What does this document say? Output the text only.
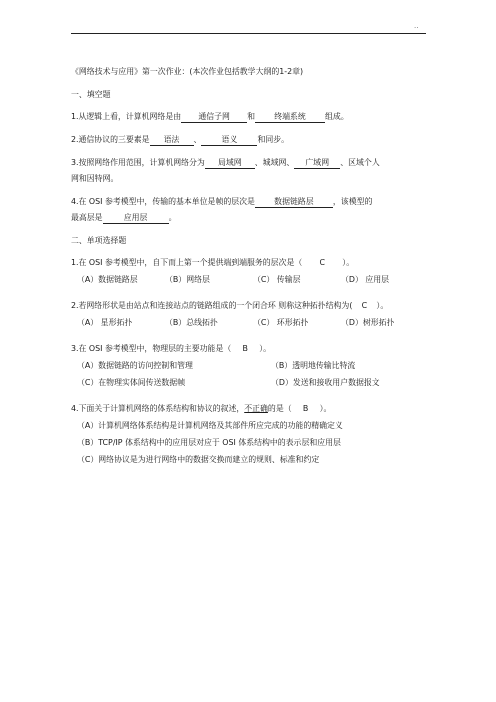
..
《网络技术与应用》第一次作业：(本次作业包括教学大纲的1-2章)
一、填空题
1.从逻辑上看，计算机网络是由 通信子网 和 终端系统 组成。
2.通信协议的三要素是 语法 、	语义	和同步。
3.按照网络作用范围，计算机网络分为 局域网 、城域网、 广域网 、区域个人
网和因特网。
4.在 OSI 参考模型中，传输的基本单位是帧的层次是 数据链路层 ，该模型的
最高层是	应用层	。
二、单项选择题
1.在 OSI 参考模型中，自下而上第一个提供端到端服务的层次是（ C ）。
（A）数据链路层	（B）网络层	（C） 传输层	（D） 应用层
2.若网络形状是由站点和连接站点的链路组成的一个闭合环 则称这种拓扑结构为( C ）。
（A） 星形拓扑	（B）总线拓扑	（C） 环形拓扑	（D）树形拓扑
3.在 OSI 参考模型中，物理层的主要功能是（ B ）。
（A）数据链路的访问控制和管理	（B）透明地传输比特流
（C）在物理实体间传送数据帧	（D）发送和接收用户数据报文
4.下面关于计算机网络的体系结构和协议的叙述，不正确的是（ B ）。
（A）计算机网络体系结构是计算机网络及其部件所应完成的功能的精确定义
（B）TCP/IP 体系结构中的应用层对应于 OSI 体系结构中的表示层和应用层
（C）网络协议是为进行网络中的数据交换而建立的规则、标准和约定
